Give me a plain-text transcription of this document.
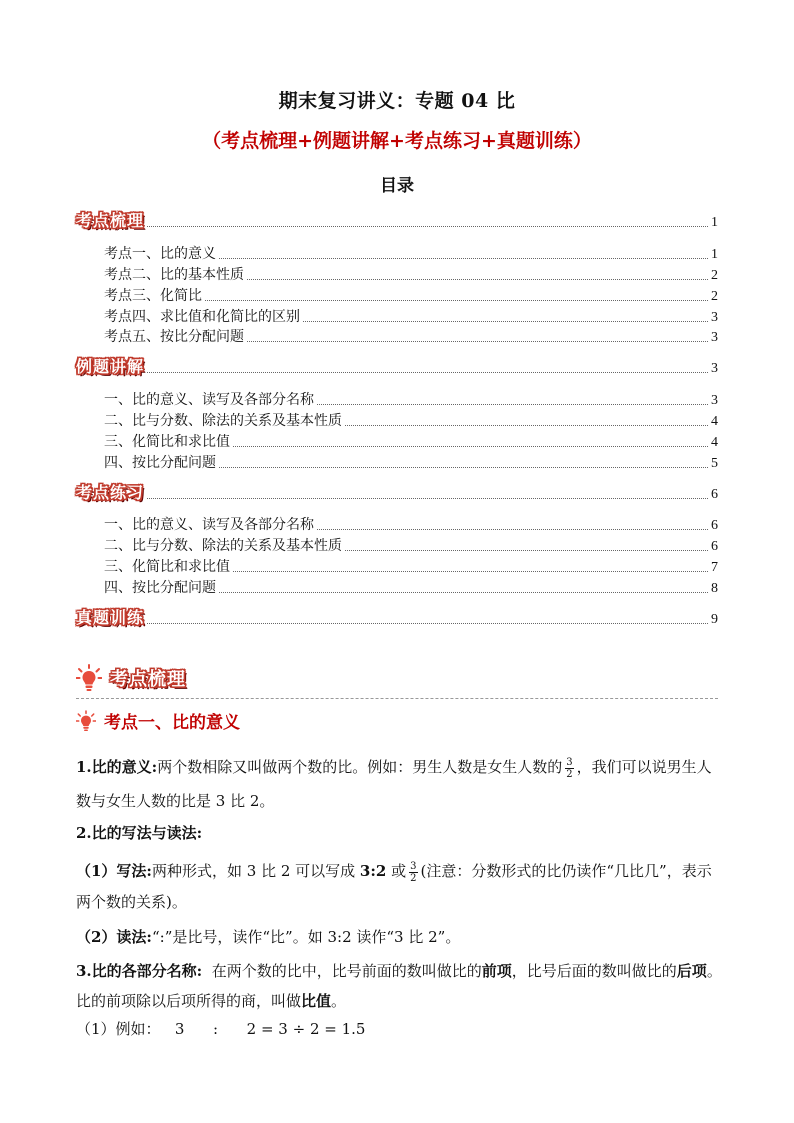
期末复习讲义：专题 04 比
（考点梳理+例题讲解+考点练习+真题训练）
目录
考点梳理	1
考点一、比的意义	1
考点二、比的基本性质	2
考点三、化简比	2
考点四、求比值和化简比的区别	3
考点五、按比分配问题	3
例题讲解	3
一、比的意义、读写及各部分名称	3
二、比与分数、除法的关系及基本性质	4
三、化简比和求比值	4
四、按比分配问题	5
考点练习	6
一、比的意义、读写及各部分名称	6
二、比与分数、除法的关系及基本性质	6
三、化简比和求比值	7
四、按比分配问题	8
真题训练	9
考点梳理
考点一、比的意义
1.比的意义:两个数相除又叫做两个数的比。例如：男生人数是女生人数的 $\frac{3}{2}$ ，我们可以说男生人数与女生人数的比是 3 比 2。
2.比的写法与读法:
（1）写法:两种形式，如 3 比 2 可以写成 3:2 或 $\frac{3}{2}$ (注意：分数形式的比仍读作“几比几”，表示两个数的关系)。
（2）读法:“:”是比号，读作“比”。如 3:2 读作“3 比 2”。
3.比的各部分名称: 在两个数的比中，比号前面的数叫做比的前项，比号后面的数叫做比的后项。比的前项除以后项所得的商，叫做比值。
（1）例如：   3      :      2 = 3 ÷ 2 = 1.5
